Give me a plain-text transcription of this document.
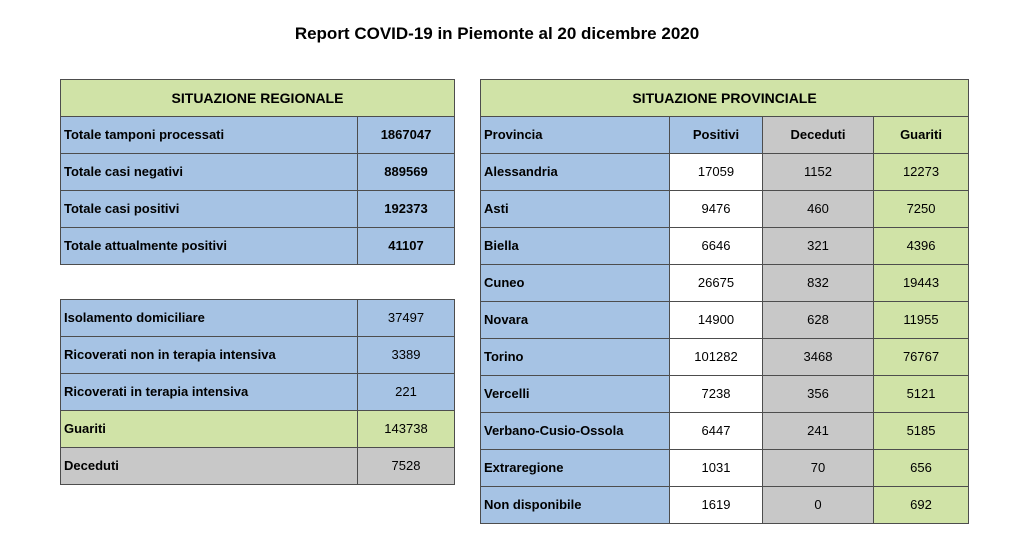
Report COVID-19 in Piemonte al 20 dicembre 2020
SITUAZIONE REGIONALE	
Totale tamponi processati	1867047
Totale casi negativi	889569
Totale casi positivi	192373
Totale attualmente positivi	41107
Isolamento domiciliare	37497
Ricoverati non in terapia intensiva	3389
Ricoverati in terapia intensiva	221
Guariti	143738
Deceduti	7528
SITUAZIONE PROVINCIALE			
Provincia	Positivi	Deceduti	Guariti
Alessandria	17059	1152	12273
Asti	9476	460	7250
Biella	6646	321	4396
Cuneo	26675	832	19443
Novara	14900	628	11955
Torino	101282	3468	76767
Vercelli	7238	356	5121
Verbano-Cusio-Ossola	6447	241	5185
Extraregione	1031	70	656
Non disponibile	1619	0	692
